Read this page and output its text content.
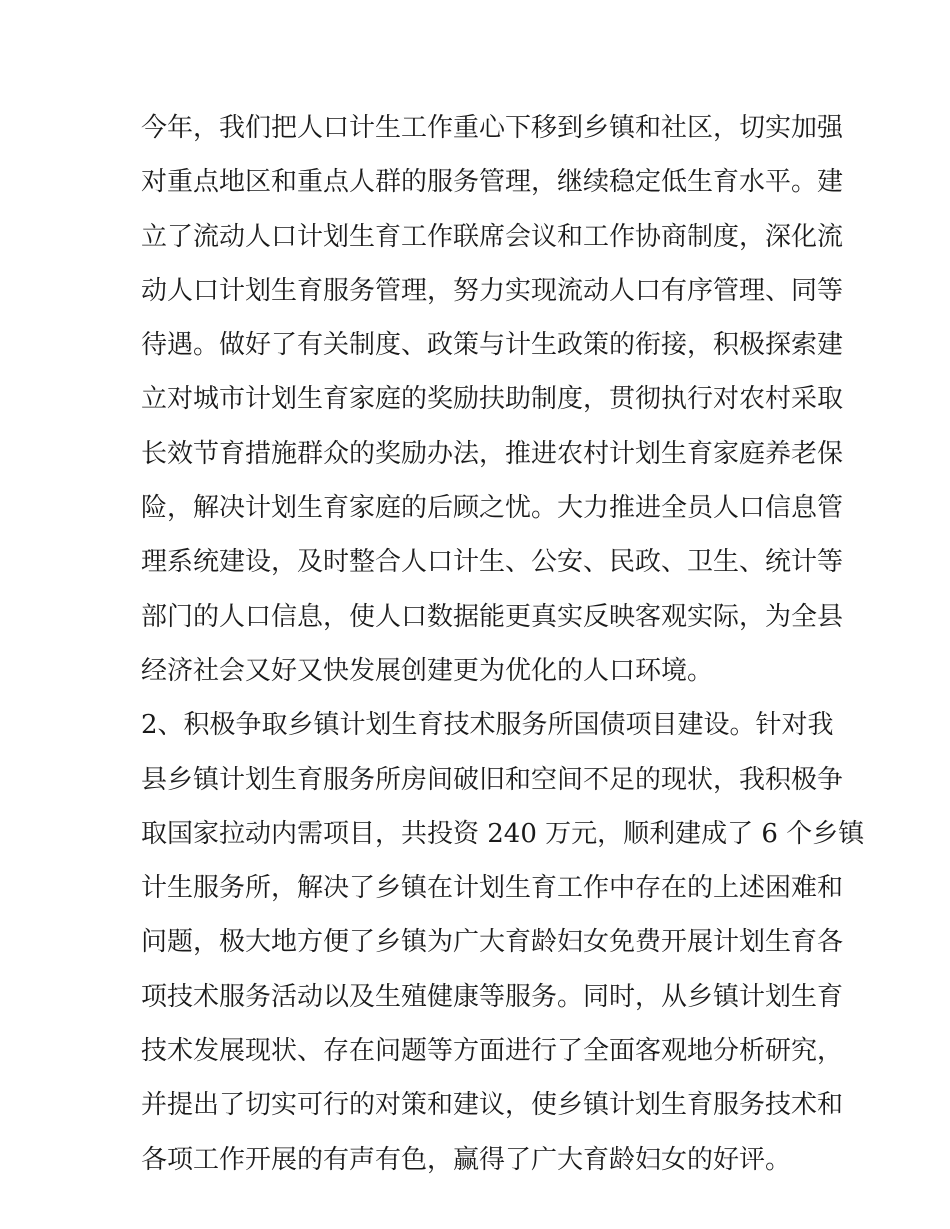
今年，我们把人口计生工作重心下移到乡镇和社区，切实加强
对重点地区和重点人群的服务管理，继续稳定低生育水平。建
立了流动人口计划生育工作联席会议和工作协商制度，深化流
动人口计划生育服务管理，努力实现流动人口有序管理、同等
待遇。做好了有关制度、政策与计生政策的衔接，积极探索建
立对城市计划生育家庭的奖励扶助制度，贯彻执行对农村采取
长效节育措施群众的奖励办法，推进农村计划生育家庭养老保
险，解决计划生育家庭的后顾之忧。大力推进全员人口信息管
理系统建设，及时整合人口计生、公安、民政、卫生、统计等
部门的人口信息，使人口数据能更真实反映客观实际，为全县
经济社会又好又快发展创建更为优化的人口环境。
2、积极争取乡镇计划生育技术服务所国债项目建设。针对我
县乡镇计划生育服务所房间破旧和空间不足的现状，我积极争
取国家拉动内需项目，共投资 240 万元，顺利建成了 6 个乡镇
计生服务所，解决了乡镇在计划生育工作中存在的上述困难和
问题，极大地方便了乡镇为广大育龄妇女免费开展计划生育各
项技术服务活动以及生殖健康等服务。同时，从乡镇计划生育
技术发展现状、存在问题等方面进行了全面客观地分析研究，
并提出了切实可行的对策和建议，使乡镇计划生育服务技术和
各项工作开展的有声有色，赢得了广大育龄妇女的好评。
